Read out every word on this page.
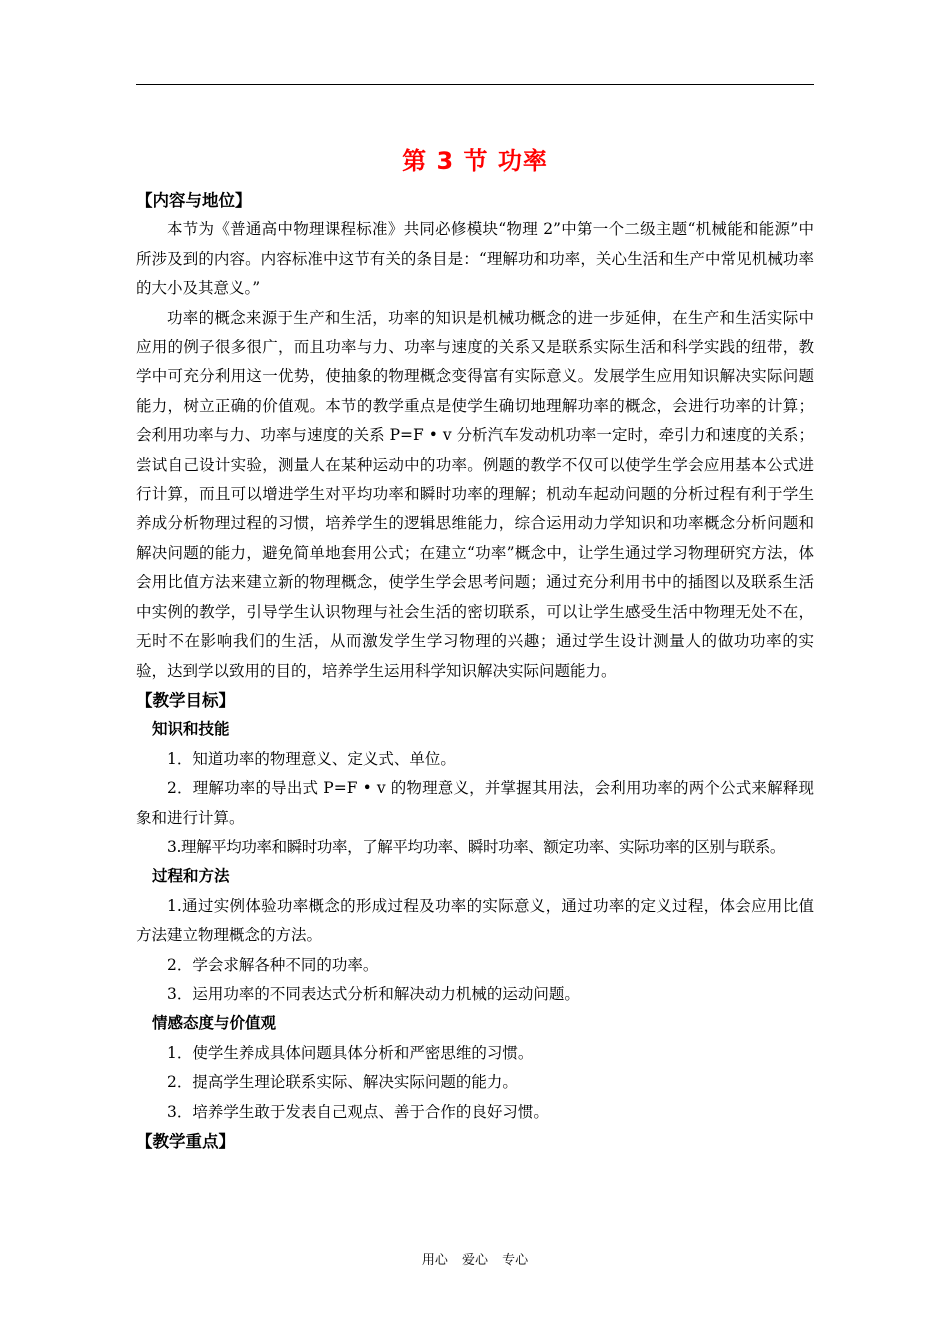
第 3 节 功率
【内容与地位】

本节为《普通高中物理课程标准》共同必修模块“物理 2”中第一个二级主题“机械能和能源”中所涉及到的内容。内容标准中这节有关的条目是：“理解功和功率，关心生活和生产中常见机械功率的大小及其意义。”

功率的概念来源于生产和生活，功率的知识是机械功概念的进一步延伸，在生产和生活实际中应用的例子很多很广，而且功率与力、功率与速度的关系又是联系实际生活和科学实践的纽带，教学中可充分利用这一优势，使抽象的物理概念变得富有实际意义。发展学生应用知识解决实际问题能力，树立正确的价值观。本节的教学重点是使学生确切地理解功率的概念，会进行功率的计算；会利用功率与力、功率与速度的关系 P=F • v 分析汽车发动机功率一定时，牵引力和速度的关系；尝试自己设计实验，测量人在某种运动中的功率。例题的教学不仅可以使学生学会应用基本公式进行计算，而且可以增进学生对平均功率和瞬时功率的理解；机动车起动问题的分析过程有利于学生养成分析物理过程的习惯，培养学生的逻辑思维能力，综合运用动力学知识和功率概念分析问题和解决问题的能力，避免简单地套用公式；在建立“功率”概念中，让学生通过学习物理研究方法，体会用比值方法来建立新的物理概念，使学生学会思考问题；通过充分利用书中的插图以及联系生活中实例的教学，引导学生认识物理与社会生活的密切联系，可以让学生感受生活中物理无处不在，无时不在影响我们的生活，从而激发学生学习物理的兴趣；通过学生设计测量人的做功功率的实验，达到学以致用的目的，培养学生运用科学知识解决实际问题能力。

【教学目标】
知识和技能

1．知道功率的物理意义、定义式、单位。

2．理解功率的导出式 P=F • v 的物理意义，并掌握其用法，会利用功率的两个公式来解释现象和进行计算。

3.理解平均功率和瞬时功率，了解平均功率、瞬时功率、额定功率、实际功率的区别与联系。

过程和方法

1.通过实例体验功率概念的形成过程及功率的实际意义，通过功率的定义过程，体会应用比值方法建立物理概念的方法。

2．学会求解各种不同的功率。

3．运用功率的不同表达式分析和解决动力机械的运动问题。

情感态度与价值观

1．使学生养成具体问题具体分析和严密思维的习惯。

2．提高学生理论联系实际、解决实际问题的能力。

3．培养学生敢于发表自己观点、善于合作的良好习惯。

【教学重点】
用心 爱心 专心
